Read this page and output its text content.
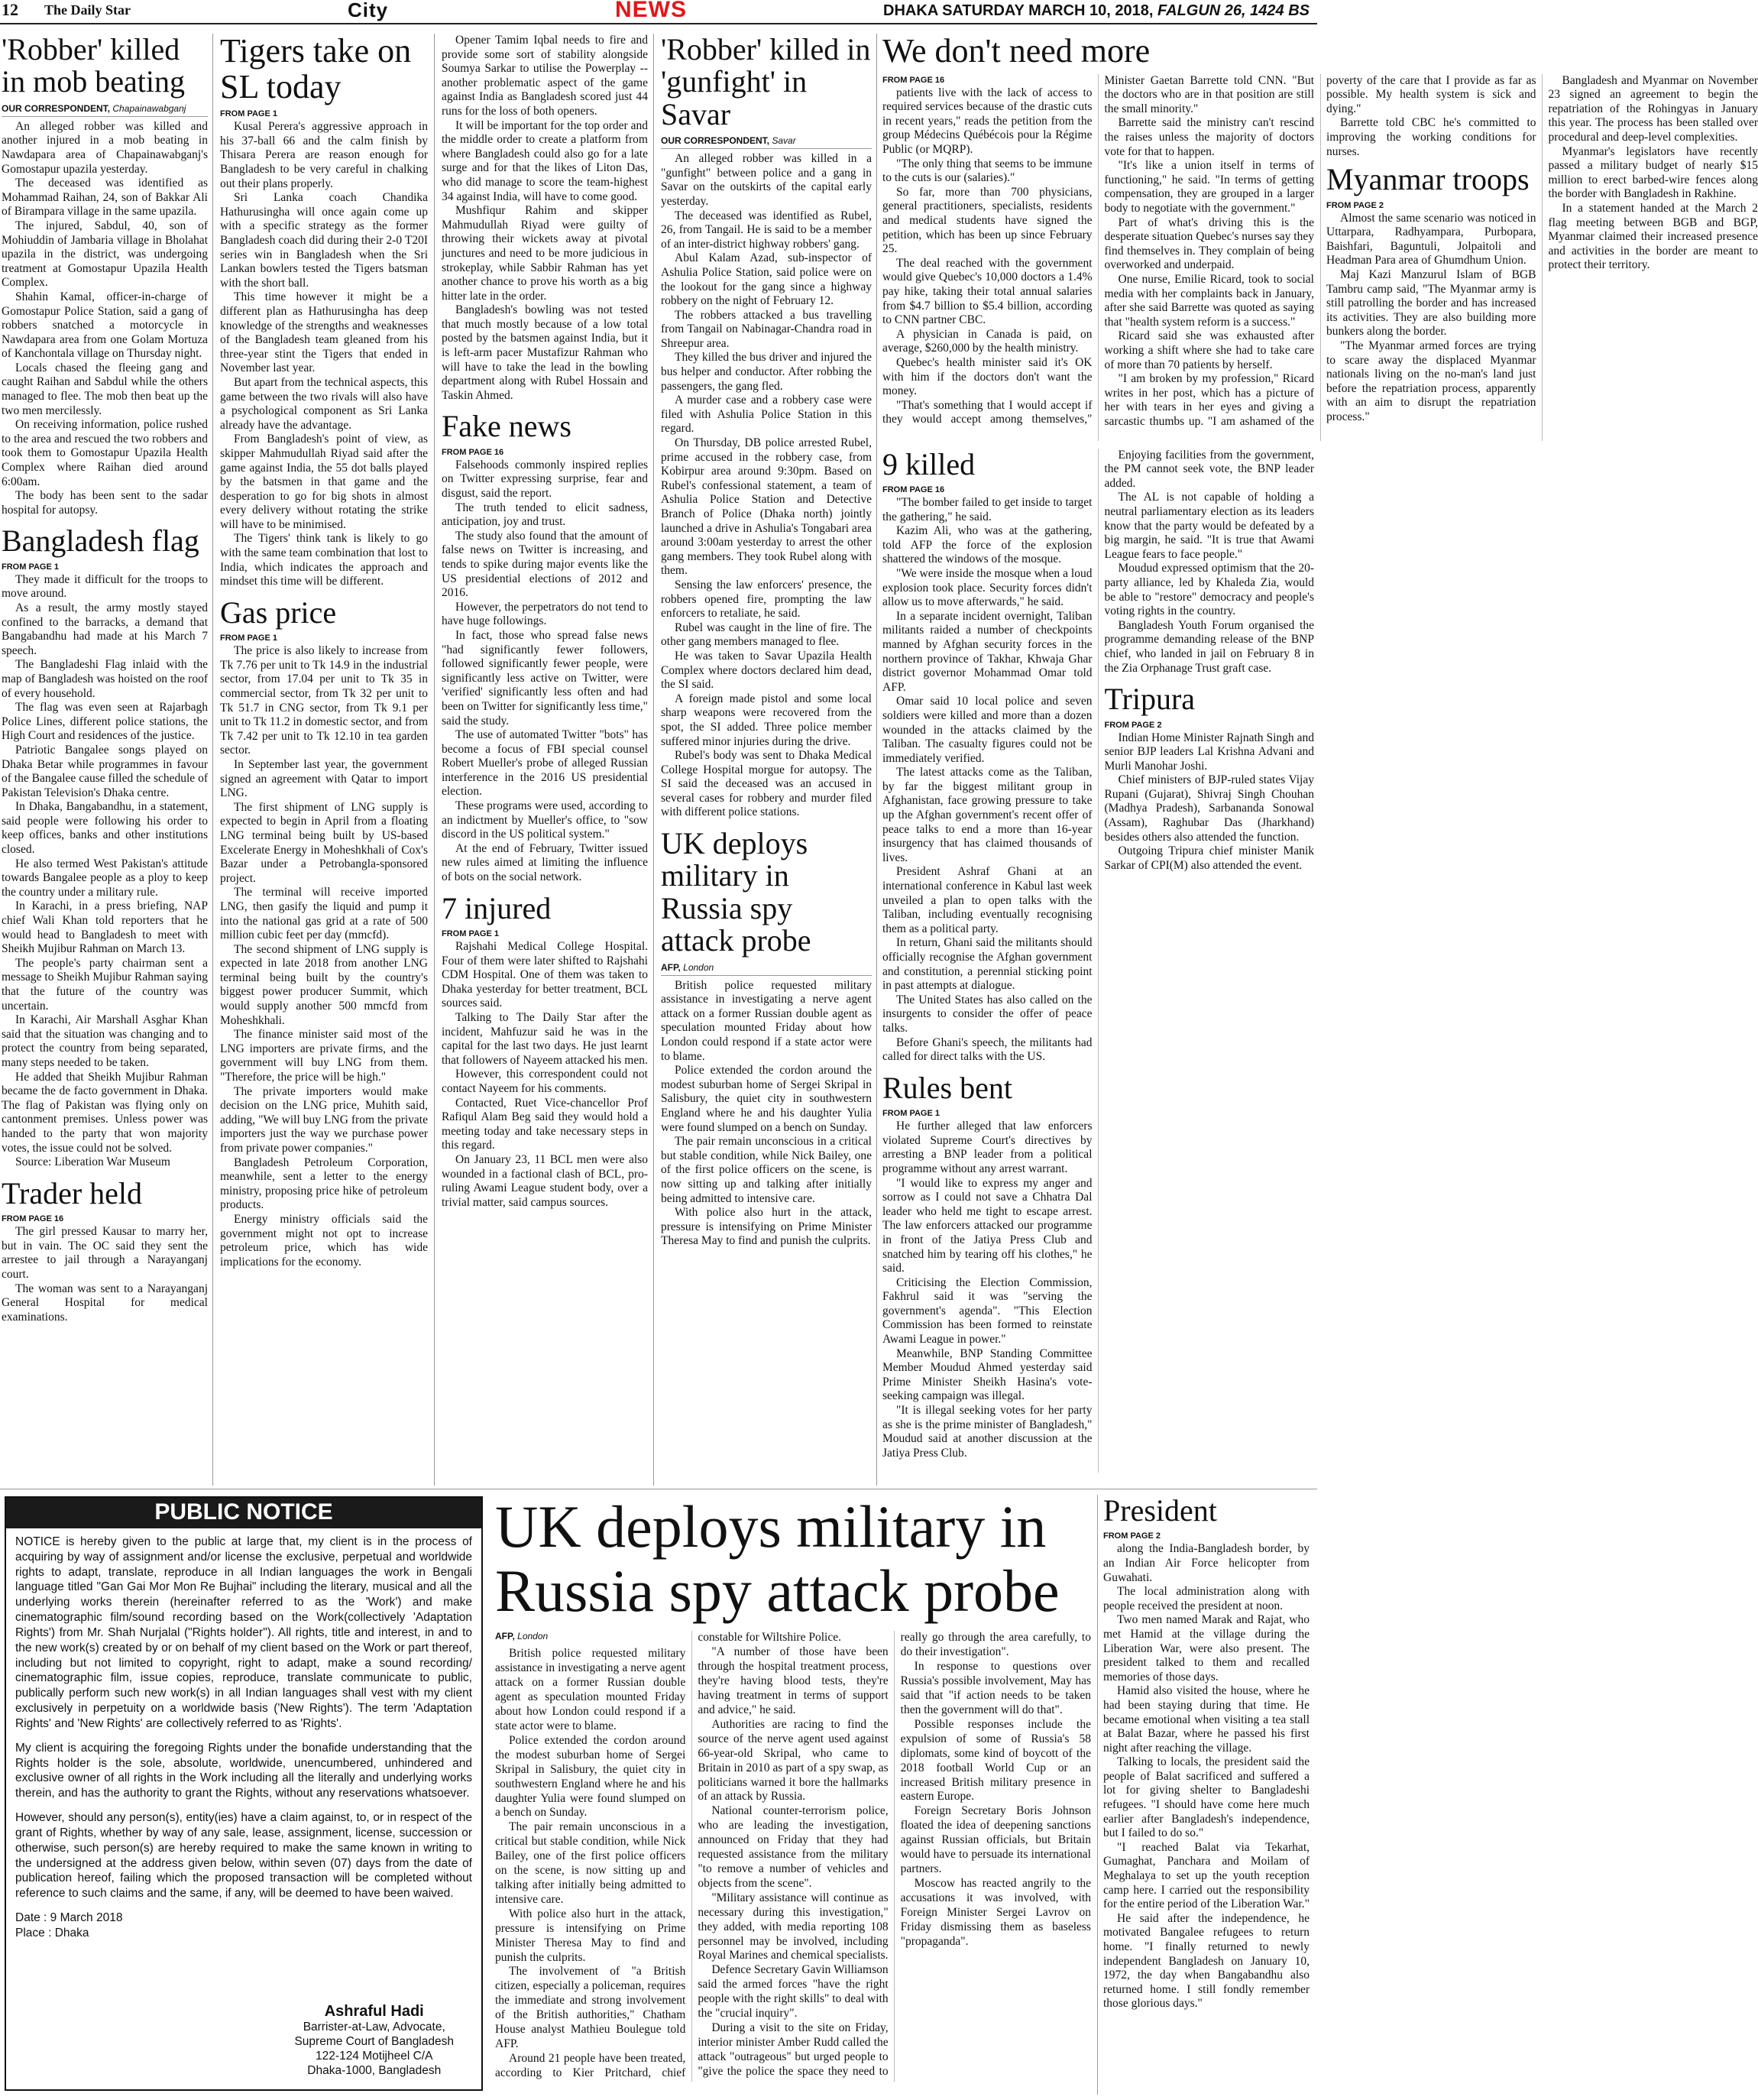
12 The Daily Star	City	NEWS	DHAKA SATURDAY MARCH 10, 2018, FALGUN 26, 1424 BS
'Robber' killed in mob beating
OUR CORRESPONDENT, Chapainawabganj

An alleged robber was killed and another injured in a mob beating in Nawdapara area of Chapainawabganj's Gomostapur upazila yesterday.

The deceased was identified as Mohammad Raihan, 24, son of Bakkar Ali of Birampara village in the same upazila.

The injured, Sabdul, 40, son of Mohiuddin of Jambaria village in Bholahat upazila in the district, was undergoing treatment at Gomostapur Upazila Health Complex.

Shahin Kamal, officer-in-charge of Gomostapur Police Station, said a gang of robbers snatched a motorcycle in Nawdapara area from one Golam Mortuza of Kanchontala village on Thursday night.

Locals chased the fleeing gang and caught Raihan and Sabdul while the others managed to flee. The mob then beat up the two men mercilessly.

On receiving information, police rushed to the area and rescued the two robbers and took them to Gomostapur Upazila Health Complex where Raihan died around 6:00am.

The body has been sent to the sadar hospital for autopsy.

Bangladesh flag
FROM PAGE 1

They made it difficult for the troops to move around.

As a result, the army mostly stayed confined to the barracks, a demand that Bangabandhu had made at his March 7 speech.

The Bangladeshi Flag inlaid with the map of Bangladesh was hoisted on the roof of every household.

The flag was even seen at Rajarbagh Police Lines, different police stations, the High Court and residences of the justice.

Patriotic Bangalee songs played on Dhaka Betar while programmes in favour of the Bangalee cause filled the schedule of Pakistan Television's Dhaka centre.

In Dhaka, Bangabandhu, in a statement, said people were following his order to keep offices, banks and other institutions closed.

He also termed West Pakistan's attitude towards Bangalee people as a ploy to keep the country under a military rule.

In Karachi, in a press briefing, NAP chief Wali Khan told reporters that he would head to Bangladesh to meet with Sheikh Mujibur Rahman on March 13.

The people's party chairman sent a message to Sheikh Mujibur Rahman saying that the future of the country was uncertain.

In Karachi, Air Marshall Asghar Khan said that the situation was changing and to protect the country from being separated, many steps needed to be taken.

He added that Sheikh Mujibur Rahman became the de facto government in Dhaka. The flag of Pakistan was flying only on cantonment premises. Unless power was handed to the party that won majority votes, the issue could not be solved.

Source: Liberation War Museum

Trader held
FROM PAGE 16

The girl pressed Kausar to marry her, but in vain. The OC said they sent the arrestee to jail through a Narayanganj court.

The woman was sent to a Narayanganj General Hospital for medical examinations.

Tigers take on SL today
FROM PAGE 1

Kusal Perera's aggressive approach in his 37-ball 66 and the calm finish by Thisara Perera are reason enough for Bangladesh to be very careful in chalking out their plans properly.

Sri Lanka coach Chandika Hathurusingha will once again come up with a specific strategy as the former Bangladesh coach did during their 2-0 T20I series win in Bangladesh when the Sri Lankan bowlers tested the Tigers batsman with the short ball.

This time however it might be a different plan as Hathurusingha has deep knowledge of the strengths and weaknesses of the Bangladesh team gleaned from his three-year stint the Tigers that ended in November last year.

But apart from the technical aspects, this game between the two rivals will also have a psychological component as Sri Lanka already have the advantage.

From Bangladesh's point of view, as skipper Mahmudullah Riyad said after the game against India, the 55 dot balls played by the batsmen in that game and the desperation to go for big shots in almost every delivery without rotating the strike will have to be minimised.

The Tigers' think tank is likely to go with the same team combination that lost to India, which indicates the approach and mindset this time will be different.

Gas price
FROM PAGE 1

The price is also likely to increase from Tk 7.76 per unit to Tk 14.9 in the industrial sector, from 17.04 per unit to Tk 35 in commercial sector, from Tk 32 per unit to Tk 51.7 in CNG sector, from Tk 9.1 per unit to Tk 11.2 in domestic sector, and from Tk 7.42 per unit to Tk 12.10 in tea garden sector.

In September last year, the government signed an agreement with Qatar to import LNG.

The first shipment of LNG supply is expected to begin in April from a floating LNG terminal being built by US-based Excelerate Energy in Moheshkhali of Cox's Bazar under a Petrobangla-sponsored project.

The terminal will receive imported LNG, then gasify the liquid and pump it into the national gas grid at a rate of 500 million cubic feet per day (mmcfd).

The second shipment of LNG supply is expected in late 2018 from another LNG terminal being built by the country's biggest power producer Summit, which would supply another 500 mmcfd from Moheshkhali.

The finance minister said most of the LNG importers are private firms, and the government will buy LNG from them. "Therefore, the price will be high."

The private importers would make decision on the LNG price, Muhith said, adding, "We will buy LNG from the private importers just the way we purchase power from private power companies."

Bangladesh Petroleum Corporation, meanwhile, sent a letter to the energy ministry, proposing price hike of petroleum products.

Energy ministry officials said the government might not opt to increase petroleum price, which has wide implications for the economy.

Opener Tamim Iqbal needs to fire and provide some sort of stability alongside Soumya Sarkar to utilise the Powerplay -- another problematic aspect of the game against India as Bangladesh scored just 44 runs for the loss of both openers.

It will be important for the top order and the middle order to create a platform from where Bangladesh could also go for a late surge and for that the likes of Liton Das, who did manage to score the team-highest 34 against India, will have to come good.

Mushfiqur Rahim and skipper Mahmudullah Riyad were guilty of throwing their wickets away at pivotal junctures and need to be more judicious in strokeplay, while Sabbir Rahman has yet another chance to prove his worth as a big hitter late in the order.

Bangladesh's bowling was not tested that much mostly because of a low total posted by the batsmen against India, but it is left-arm pacer Mustafizur Rahman who will have to take the lead in the bowling department along with Rubel Hossain and Taskin Ahmed.

Fake news
FROM PAGE 16

Falsehoods commonly inspired replies on Twitter expressing surprise, fear and disgust, said the report.

The truth tended to elicit sadness, anticipation, joy and trust.

The study also found that the amount of false news on Twitter is increasing, and tends to spike during major events like the US presidential elections of 2012 and 2016.

However, the perpetrators do not tend to have huge followings.

In fact, those who spread false news "had significantly fewer followers, followed significantly fewer people, were significantly less active on Twitter, were 'verified' significantly less often and had been on Twitter for significantly less time," said the study.

The use of automated Twitter "bots" has become a focus of FBI special counsel Robert Mueller's probe of alleged Russian interference in the 2016 US presidential election.

These programs were used, according to an indictment by Mueller's office, to "sow discord in the US political system."

At the end of February, Twitter issued new rules aimed at limiting the influence of bots on the social network.

7 injured
FROM PAGE 1

Rajshahi Medical College Hospital. Four of them were later shifted to Rajshahi CDM Hospital. One of them was taken to Dhaka yesterday for better treatment, BCL sources said.

Talking to The Daily Star after the incident, Mahfuzur said he was in the capital for the last two days. He just learnt that followers of Nayeem attacked his men.

However, this correspondent could not contact Nayeem for his comments.

Contacted, Ruet Vice-chancellor Prof Rafiqul Alam Beg said they would hold a meeting today and take necessary steps in this regard.

On January 23, 11 BCL men were also wounded in a factional clash of BCL, pro-ruling Awami League student body, over a trivial matter, said campus sources.

'Robber' killed in 'gunfight' in Savar
OUR CORRESPONDENT, Savar

An alleged robber was killed in a "gunfight" between police and a gang in Savar on the outskirts of the capital early yesterday.

The deceased was identified as Rubel, 26, from Tangail. He is said to be a member of an inter-district highway robbers' gang.

Abul Kalam Azad, sub-inspector of Ashulia Police Station, said police were on the lookout for the gang since a highway robbery on the night of February 12.

The robbers attacked a bus travelling from Tangail on Nabinagar-Chandra road in Shreepur area.

They killed the bus driver and injured the bus helper and conductor. After robbing the passengers, the gang fled.

A murder case and a robbery case were filed with Ashulia Police Station in this regard.

On Thursday, DB police arrested Rubel, prime accused in the robbery case, from Kobirpur area around 9:30pm. Based on Rubel's confessional statement, a team of Ashulia Police Station and Detective Branch of Police (Dhaka north) jointly launched a drive in Ashulia's Tongabari area around 3:00am yesterday to arrest the other gang members. They took Rubel along with them.

Sensing the law enforcers' presence, the robbers opened fire, prompting the law enforcers to retaliate, he said.

Rubel was caught in the line of fire. The other gang members managed to flee.

He was taken to Savar Upazila Health Complex where doctors declared him dead, the SI said.

A foreign made pistol and some local sharp weapons were recovered from the spot, the SI added. Three police member suffered minor injuries during the drive.

Rubel's body was sent to Dhaka Medical College Hospital morgue for autopsy. The SI said the deceased was an accused in several cases for robbery and murder filed with different police stations.

UK deploys military in Russia spy attack probe
AFP, London

British police requested military assistance in investigating a nerve agent attack on a former Russian double agent as speculation mounted Friday about how London could respond if a state actor were to blame.

Police extended the cordon around the modest suburban home of Sergei Skripal in Salisbury, the quiet city in southwestern England where he and his daughter Yulia were found slumped on a bench on Sunday.

The pair remain unconscious in a critical but stable condition, while Nick Bailey, one of the first police officers on the scene, is now sitting up and talking after initially being admitted to intensive care.

With police also hurt in the attack, pressure is intensifying on Prime Minister Theresa May to find and punish the culprits.

We don't need more
FROM PAGE 16

patients live with the lack of access to required services because of the drastic cuts in recent years," reads the petition from the group Médecins Québécois pour la Régime Public (or MQRP).

"The only thing that seems to be immune to the cuts is our (salaries)."

So far, more than 700 physicians, general practitioners, specialists, residents and medical students have signed the petition, which has been up since February 25.

The deal reached with the government would give Quebec's 10,000 doctors a 1.4% pay hike, taking their total annual salaries from $4.7 billion to $5.4 billion, according to CNN partner CBC.

A physician in Canada is paid, on average, $260,000 by the health ministry.

Quebec's health minister said it's OK with him if the doctors don't want the money.

"That's something that I would accept if they would accept among themselves," Minister Gaetan Barrette told CNN. "But the doctors who are in that position are still the small minority."

Barrette said the ministry can't rescind the raises unless the majority of doctors vote for that to happen.

"It's like a union itself in terms of functioning," he said. "In terms of getting compensation, they are grouped in a larger body to negotiate with the government."

Part of what's driving this is the desperate situation Quebec's nurses say they find themselves in. They complain of being overworked and underpaid.

One nurse, Emilie Ricard, took to social media with her complaints back in January, after she said Barrette was quoted as saying that "health system reform is a success."

Ricard said she was exhausted after working a shift where she had to take care of more than 70 patients by herself.

"I am broken by my profession," Ricard writes in her post, which has a picture of her with tears in her eyes and giving a sarcastic thumbs up. "I am ashamed of the poverty of the care that I provide as far as possible. My health system is sick and dying."

Barrette told CBC he's committed to improving the working conditions for nurses.

Myanmar troops
FROM PAGE 2

Almost the same scenario was noticed in Uttarpara, Radhyampara, Purbopara, Baishfari, Baguntuli, Jolpaitoli and Headman Para area of Ghumdhum Union.

Maj Kazi Manzurul Islam of BGB Tambru camp said, "The Myanmar army is still patrolling the border and has increased its activities. They are also building more bunkers along the border.

"The Myanmar armed forces are trying to scare away the displaced Myanmar nationals living on the no-man's land just before the repatriation process, apparently with an aim to disrupt the repatriation process."

Bangladesh and Myanmar on November 23 signed an agreement to begin the repatriation of the Rohingyas in January this year. The process has been stalled over procedural and deep-level complexities.

Myanmar's legislators have recently passed a military budget of nearly $15 million to erect barbed-wire fences along the border with Bangladesh in Rakhine.

In a statement handed at the March 2 flag meeting between BGB and BGP, Myanmar claimed their increased presence and activities in the border are meant to protect their territory.

9 killed
FROM PAGE 16

"The bomber failed to get inside to target the gathering," he said.

Kazim Ali, who was at the gathering, told AFP the force of the explosion shattered the windows of the mosque.

"We were inside the mosque when a loud explosion took place. Security forces didn't allow us to move afterwards," he said.

In a separate incident overnight, Taliban militants raided a number of checkpoints manned by Afghan security forces in the northern province of Takhar, Khwaja Ghar district governor Mohammad Omar told AFP.

Omar said 10 local police and seven soldiers were killed and more than a dozen wounded in the attacks claimed by the Taliban. The casualty figures could not be immediately verified.

The latest attacks come as the Taliban, by far the biggest militant group in Afghanistan, face growing pressure to take up the Afghan government's recent offer of peace talks to end a more than 16-year insurgency that has claimed thousands of lives.

President Ashraf Ghani at an international conference in Kabul last week unveiled a plan to open talks with the Taliban, including eventually recognising them as a political party.

In return, Ghani said the militants should officially recognise the Afghan government and constitution, a perennial sticking point in past attempts at dialogue.

The United States has also called on the insurgents to consider the offer of peace talks.

Before Ghani's speech, the militants had called for direct talks with the US.

Rules bent
FROM PAGE 1

He further alleged that law enforcers violated Supreme Court's directives by arresting a BNP leader from a political programme without any arrest warrant.

"I would like to express my anger and sorrow as I could not save a Chhatra Dal leader who held me tight to escape arrest. The law enforcers attacked our programme in front of the Jatiya Press Club and snatched him by tearing off his clothes," he said.

Criticising the Election Commission, Fakhrul said it was "serving the government's agenda". "This Election Commission has been formed to reinstate Awami League in power."

Meanwhile, BNP Standing Committee Member Moudud Ahmed yesterday said Prime Minister Sheikh Hasina's vote-seeking campaign was illegal.

"It is illegal seeking votes for her party as she is the prime minister of Bangladesh," Moudud said at another discussion at the Jatiya Press Club.

Enjoying facilities from the government, the PM cannot seek vote, the BNP leader added.

The AL is not capable of holding a neutral parliamentary election as its leaders know that the party would be defeated by a big margin, he said. "It is true that Awami League fears to face people."

Moudud expressed optimism that the 20-party alliance, led by Khaleda Zia, would be able to "restore" democracy and people's voting rights in the country.

Bangladesh Youth Forum organised the programme demanding release of the BNP chief, who landed in jail on February 8 in the Zia Orphanage Trust graft case.

Tripura
FROM PAGE 2

Indian Home Minister Rajnath Singh and senior BJP leaders Lal Krishna Advani and Murli Manohar Joshi.

Chief ministers of BJP-ruled states Vijay Rupani (Gujarat), Shivraj Singh Chouhan (Madhya Pradesh), Sarbananda Sonowal (Assam), Raghubar Das (Jharkhand) besides others also attended the function.

Outgoing Tripura chief minister Manik Sarkar of CPI(M) also attended the event.

PUBLIC NOTICE

NOTICE is hereby given to the public at large that, my client is in the process of acquiring by way of assignment and/or license the exclusive, perpetual and worldwide rights to adapt, translate, reproduce in all Indian languages the work in Bengali language titled "Gan Gai Mor Mon Re Bujhai" including the literary, musical and all the underlying works therein (hereinafter referred to as the 'Work') and make cinematographic film/sound recording based on the Work(collectively 'Adaptation Rights') from Mr. Shah Nurjalal ("Rights holder"). All rights, title and interest, in and to the new work(s) created by or on behalf of my client based on the Work or part thereof, including but not limited to copyright, right to adapt, make a sound recording/ cinematographic film, issue copies, reproduce, translate communicate to public, publically perform such new work(s) in all Indian languages shall vest with my client exclusively in perpetuity on a worldwide basis ('New Rights'). The term 'Adaptation Rights' and 'New Rights' are collectively referred to as 'Rights'.

My client is acquiring the foregoing Rights under the bonafide understanding that the Rights holder is the sole, absolute, worldwide, unencumbered, unhindered and exclusive owner of all rights in the Work including all the literally and underlying works therein, and has the authority to grant the Rights, without any reservations whatsoever.

However, should any person(s), entity(ies) have a claim against, to, or in respect of the grant of Rights, whether by way of any sale, lease, assignment, license, succession or otherwise, such person(s) are hereby required to make the same known in writing to the undersigned at the address given below, within seven (07) days from the date of publication hereof, failing which the proposed transaction will be completed without reference to such claims and the same, if any, will be deemed to have been waived.

Date : 9 March 2018
Place : Dhaka
Ashraful Hadi
Barrister-at-Law, Advocate,
Supreme Court of Bangladesh
122-124 Motijheel C/A
Dhaka-1000, Bangladesh
UK deploys military in Russia spy attack probe
AFP, London

British police requested military assistance in investigating a nerve agent attack on a former Russian double agent as speculation mounted Friday about how London could respond if a state actor were to blame.

Police extended the cordon around the modest suburban home of Sergei Skripal in Salisbury, the quiet city in southwestern England where he and his daughter Yulia were found slumped on a bench on Sunday.

The pair remain unconscious in a critical but stable condition, while Nick Bailey, one of the first police officers on the scene, is now sitting up and talking after initially being admitted to intensive care.

With police also hurt in the attack, pressure is intensifying on Prime Minister Theresa May to find and punish the culprits.

The involvement of "a British citizen, especially a policeman, requires the immediate and strong involvement of the British authorities," Chatham House analyst Mathieu Boulegue told AFP.

Around 21 people have been treated, according to Kier Pritchard, chief constable for Wiltshire Police.

"A number of those have been through the hospital treatment process, they're having blood tests, they're having treatment in terms of support and advice," he said.

Authorities are racing to find the source of the nerve agent used against 66-year-old Skripal, who came to Britain in 2010 as part of a spy swap, as politicians warned it bore the hallmarks of an attack by Russia.

National counter-terrorism police, who are leading the investigation, announced on Friday that they had requested assistance from the military "to remove a number of vehicles and objects from the scene".

"Military assistance will continue as necessary during this investigation," they added, with media reporting 108 personnel may be involved, including Royal Marines and chemical specialists.

Defence Secretary Gavin Williamson said the armed forces "have the right people with the right skills" to deal with the "crucial inquiry".

During a visit to the site on Friday, interior minister Amber Rudd called the attack "outrageous" but urged people to "give the police the space they need to really go through the area carefully, to do their investigation".

In response to questions over Russia's possible involvement, May has said that "if action needs to be taken then the government will do that".

Possible responses include the expulsion of some of Russia's 58 diplomats, some kind of boycott of the 2018 football World Cup or an increased British military presence in eastern Europe.

Foreign Secretary Boris Johnson floated the idea of deepening sanctions against Russian officials, but Britain would have to persuade its international partners.

Moscow has reacted angrily to the accusations it was involved, with Foreign Minister Sergei Lavrov on Friday dismissing them as baseless "propaganda".

President
FROM PAGE 2

along the India-Bangladesh border, by an Indian Air Force helicopter from Guwahati.

The local administration along with people received the president at noon.

Two men named Marak and Rajat, who met Hamid at the village during the Liberation War, were also present. The president talked to them and recalled memories of those days.

Hamid also visited the house, where he had been staying during that time. He became emotional when visiting a tea stall at Balat Bazar, where he passed his first night after reaching the village.

Talking to locals, the president said the people of Balat sacrificed and suffered a lot for giving shelter to Bangladeshi refugees. "I should have come here much earlier after Bangladesh's independence, but I failed to do so."

"I reached Balat via Tekarhat, Gumaghat, Panchara and Moilam of Meghalaya to set up the youth reception camp here. I carried out the responsibility for the entire period of the Liberation War."

He said after the independence, he motivated Bangalee refugees to return home. "I finally returned to newly independent Bangladesh on January 10, 1972, the day when Bangabandhu also returned home. I still fondly remember those glorious days."
